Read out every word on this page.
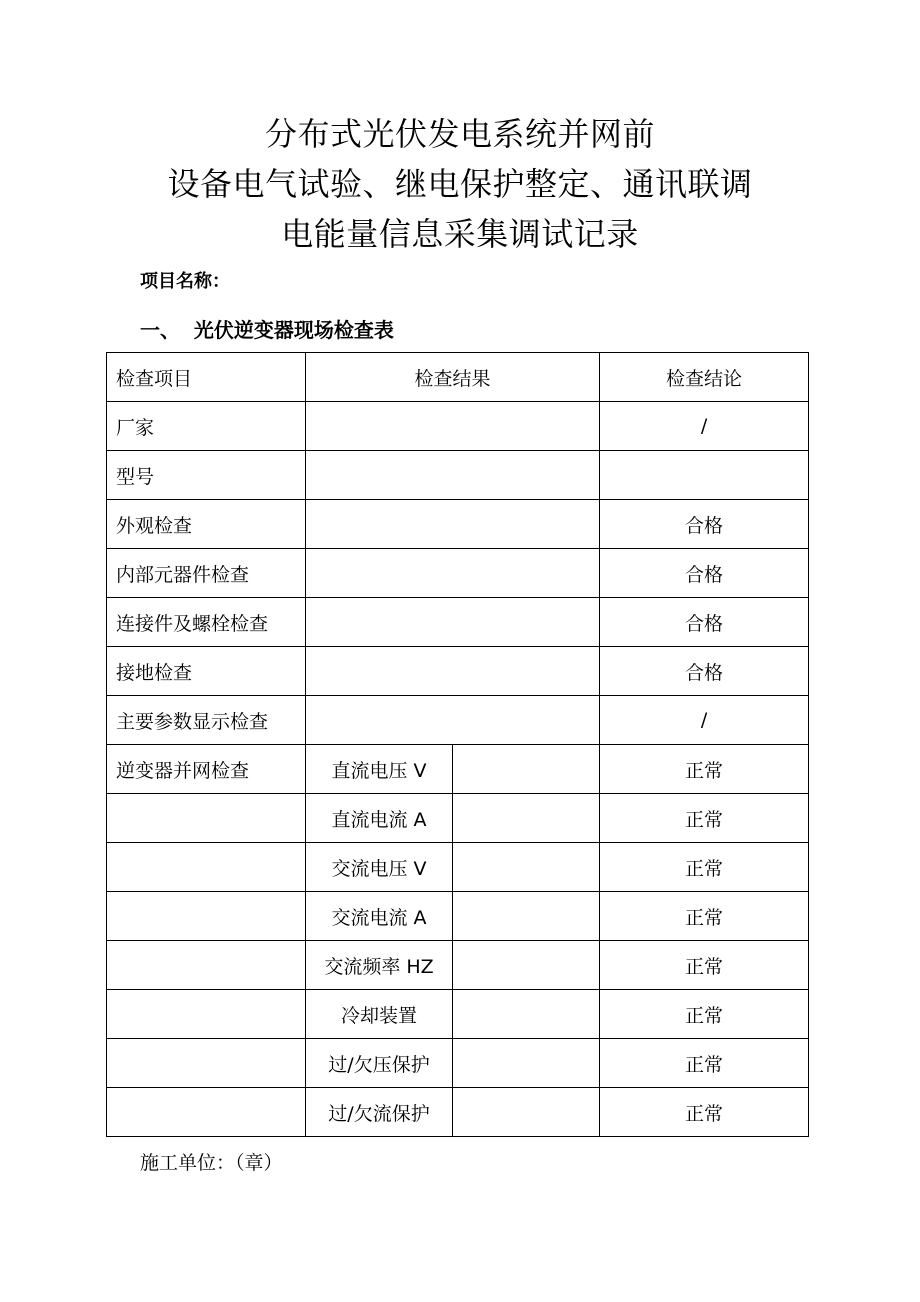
分布式光伏发电系统并网前
设备电气试验、继电保护整定、通讯联调
电能量信息采集调试记录
项目名称：
一、  光伏逆变器现场检查表
检查项目	检查结果		检查结论
厂家			/
型号			
外观检查			合格
内部元器件检查			合格
连接件及螺栓检查			合格
接地检查			合格
主要参数显示检查			/
逆变器并网检查	直流电压 V		正常
	直流电流 A		正常
	交流电压 V		正常
	交流电流 A		正常
	交流频率 HZ		正常
	冷却装置		正常
	过/欠压保护		正常
	过/欠流保护		正常
施工单位：（章）
